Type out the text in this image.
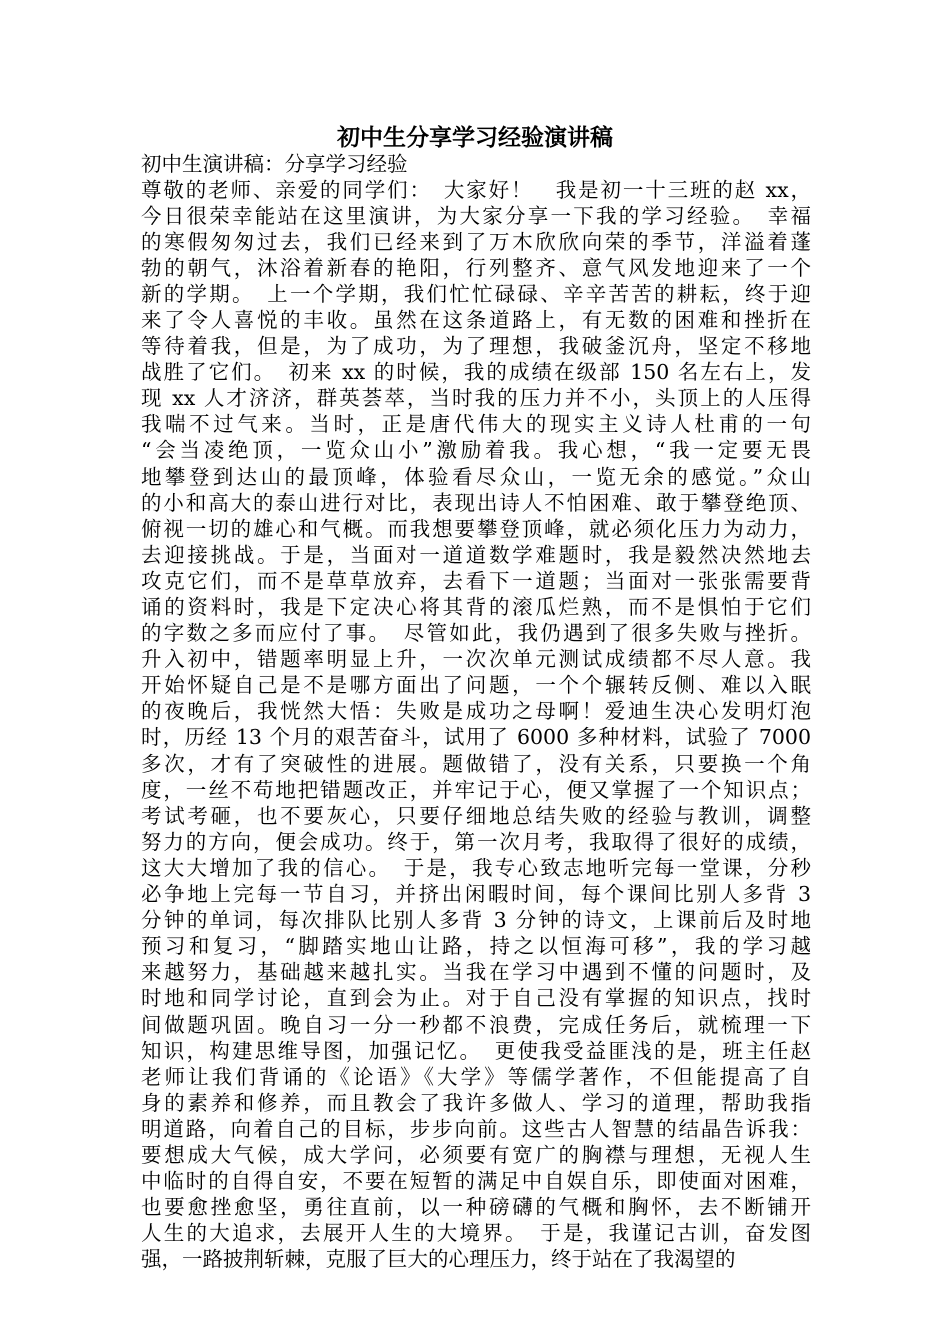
初中生分享学习经验演讲稿
初中生演讲稿：分享学习经验
尊敬的老师、亲爱的同学们：　大家好！　我是初一十三班的赵 xx，
今日很荣幸能站在这里演讲，为大家分享一下我的学习经验。　幸福
的寒假匆匆过去，我们已经来到了万木欣欣向荣的季节，洋溢着蓬
勃的朝气，沐浴着新春的艳阳，行列整齐、意气风发地迎来了一个
新的学期。　上一个学期，我们忙忙碌碌、辛辛苦苦的耕耘，终于迎
来了令人喜悦的丰收。虽然在这条道路上，有无数的困难和挫折在
等待着我，但是，为了成功，为了理想，我破釜沉舟，坚定不移地
战胜了它们。　初来 xx 的时候，我的成绩在级部 150 名左右上，发
现 xx 人才济济，群英荟萃，当时我的压力并不小，头顶上的人压得
我喘不过气来。当时，正是唐代伟大的现实主义诗人杜甫的一句
“会当凌绝顶，一览众山小”激励着我。我心想，“我一定要无畏
地攀登到达山的最顶峰，体验看尽众山，一览无余的感觉。”众山
的小和高大的泰山进行对比，表现出诗人不怕困难、敢于攀登绝顶、
俯视一切的雄心和气概。而我想要攀登顶峰，就必须化压力为动力，
去迎接挑战。于是，当面对一道道数学难题时，我是毅然决然地去
攻克它们，而不是草草放弃，去看下一道题；当面对一张张需要背
诵的资料时，我是下定决心将其背的滚瓜烂熟，而不是惧怕于它们
的字数之多而应付了事。　尽管如此，我仍遇到了很多失败与挫折。
升入初中，错题率明显上升，一次次单元测试成绩都不尽人意。我
开始怀疑自己是不是哪方面出了问题，一个个辗转反侧、难以入眠
的夜晚后，我恍然大悟：失败是成功之母啊！爱迪生决心发明灯泡
时，历经 13 个月的艰苦奋斗，试用了 6000 多种材料，试验了 7000
多次，才有了突破性的进展。题做错了，没有关系，只要换一个角
度，一丝不苟地把错题改正，并牢记于心，便又掌握了一个知识点；
考试考砸，也不要灰心，只要仔细地总结失败的经验与教训，调整
努力的方向，便会成功。终于，第一次月考，我取得了很好的成绩，
这大大增加了我的信心。　于是，我专心致志地听完每一堂课，分秒
必争地上完每一节自习，并挤出闲暇时间，每个课间比别人多背 3
分钟的单词，每次排队比别人多背 3 分钟的诗文，上课前后及时地
预习和复习，“脚踏实地山让路，持之以恒海可移”，我的学习越
来越努力，基础越来越扎实。当我在学习中遇到不懂的问题时，及
时地和同学讨论，直到会为止。对于自己没有掌握的知识点，找时
间做题巩固。晚自习一分一秒都不浪费，完成任务后，就梳理一下
知识，构建思维导图，加强记忆。　更使我受益匪浅的是，班主任赵
老师让我们背诵的《论语》《大学》等儒学著作，不但能提高了自
身的素养和修养，而且教会了我许多做人、学习的道理，帮助我指
明道路，向着自己的目标，步步向前。这些古人智慧的结晶告诉我：
要想成大气候，成大学问，必须要有宽广的胸襟与理想，无视人生
中临时的自得自安，不要在短暂的满足中自娱自乐，即使面对困难，
也要愈挫愈坚，勇往直前，以一种磅礴的气概和胸怀，去不断铺开
人生的大追求，去展开人生的大境界。　于是，我谨记古训，奋发图
强，一路披荆斩棘，克服了巨大的心理压力，终于站在了我渴望的
